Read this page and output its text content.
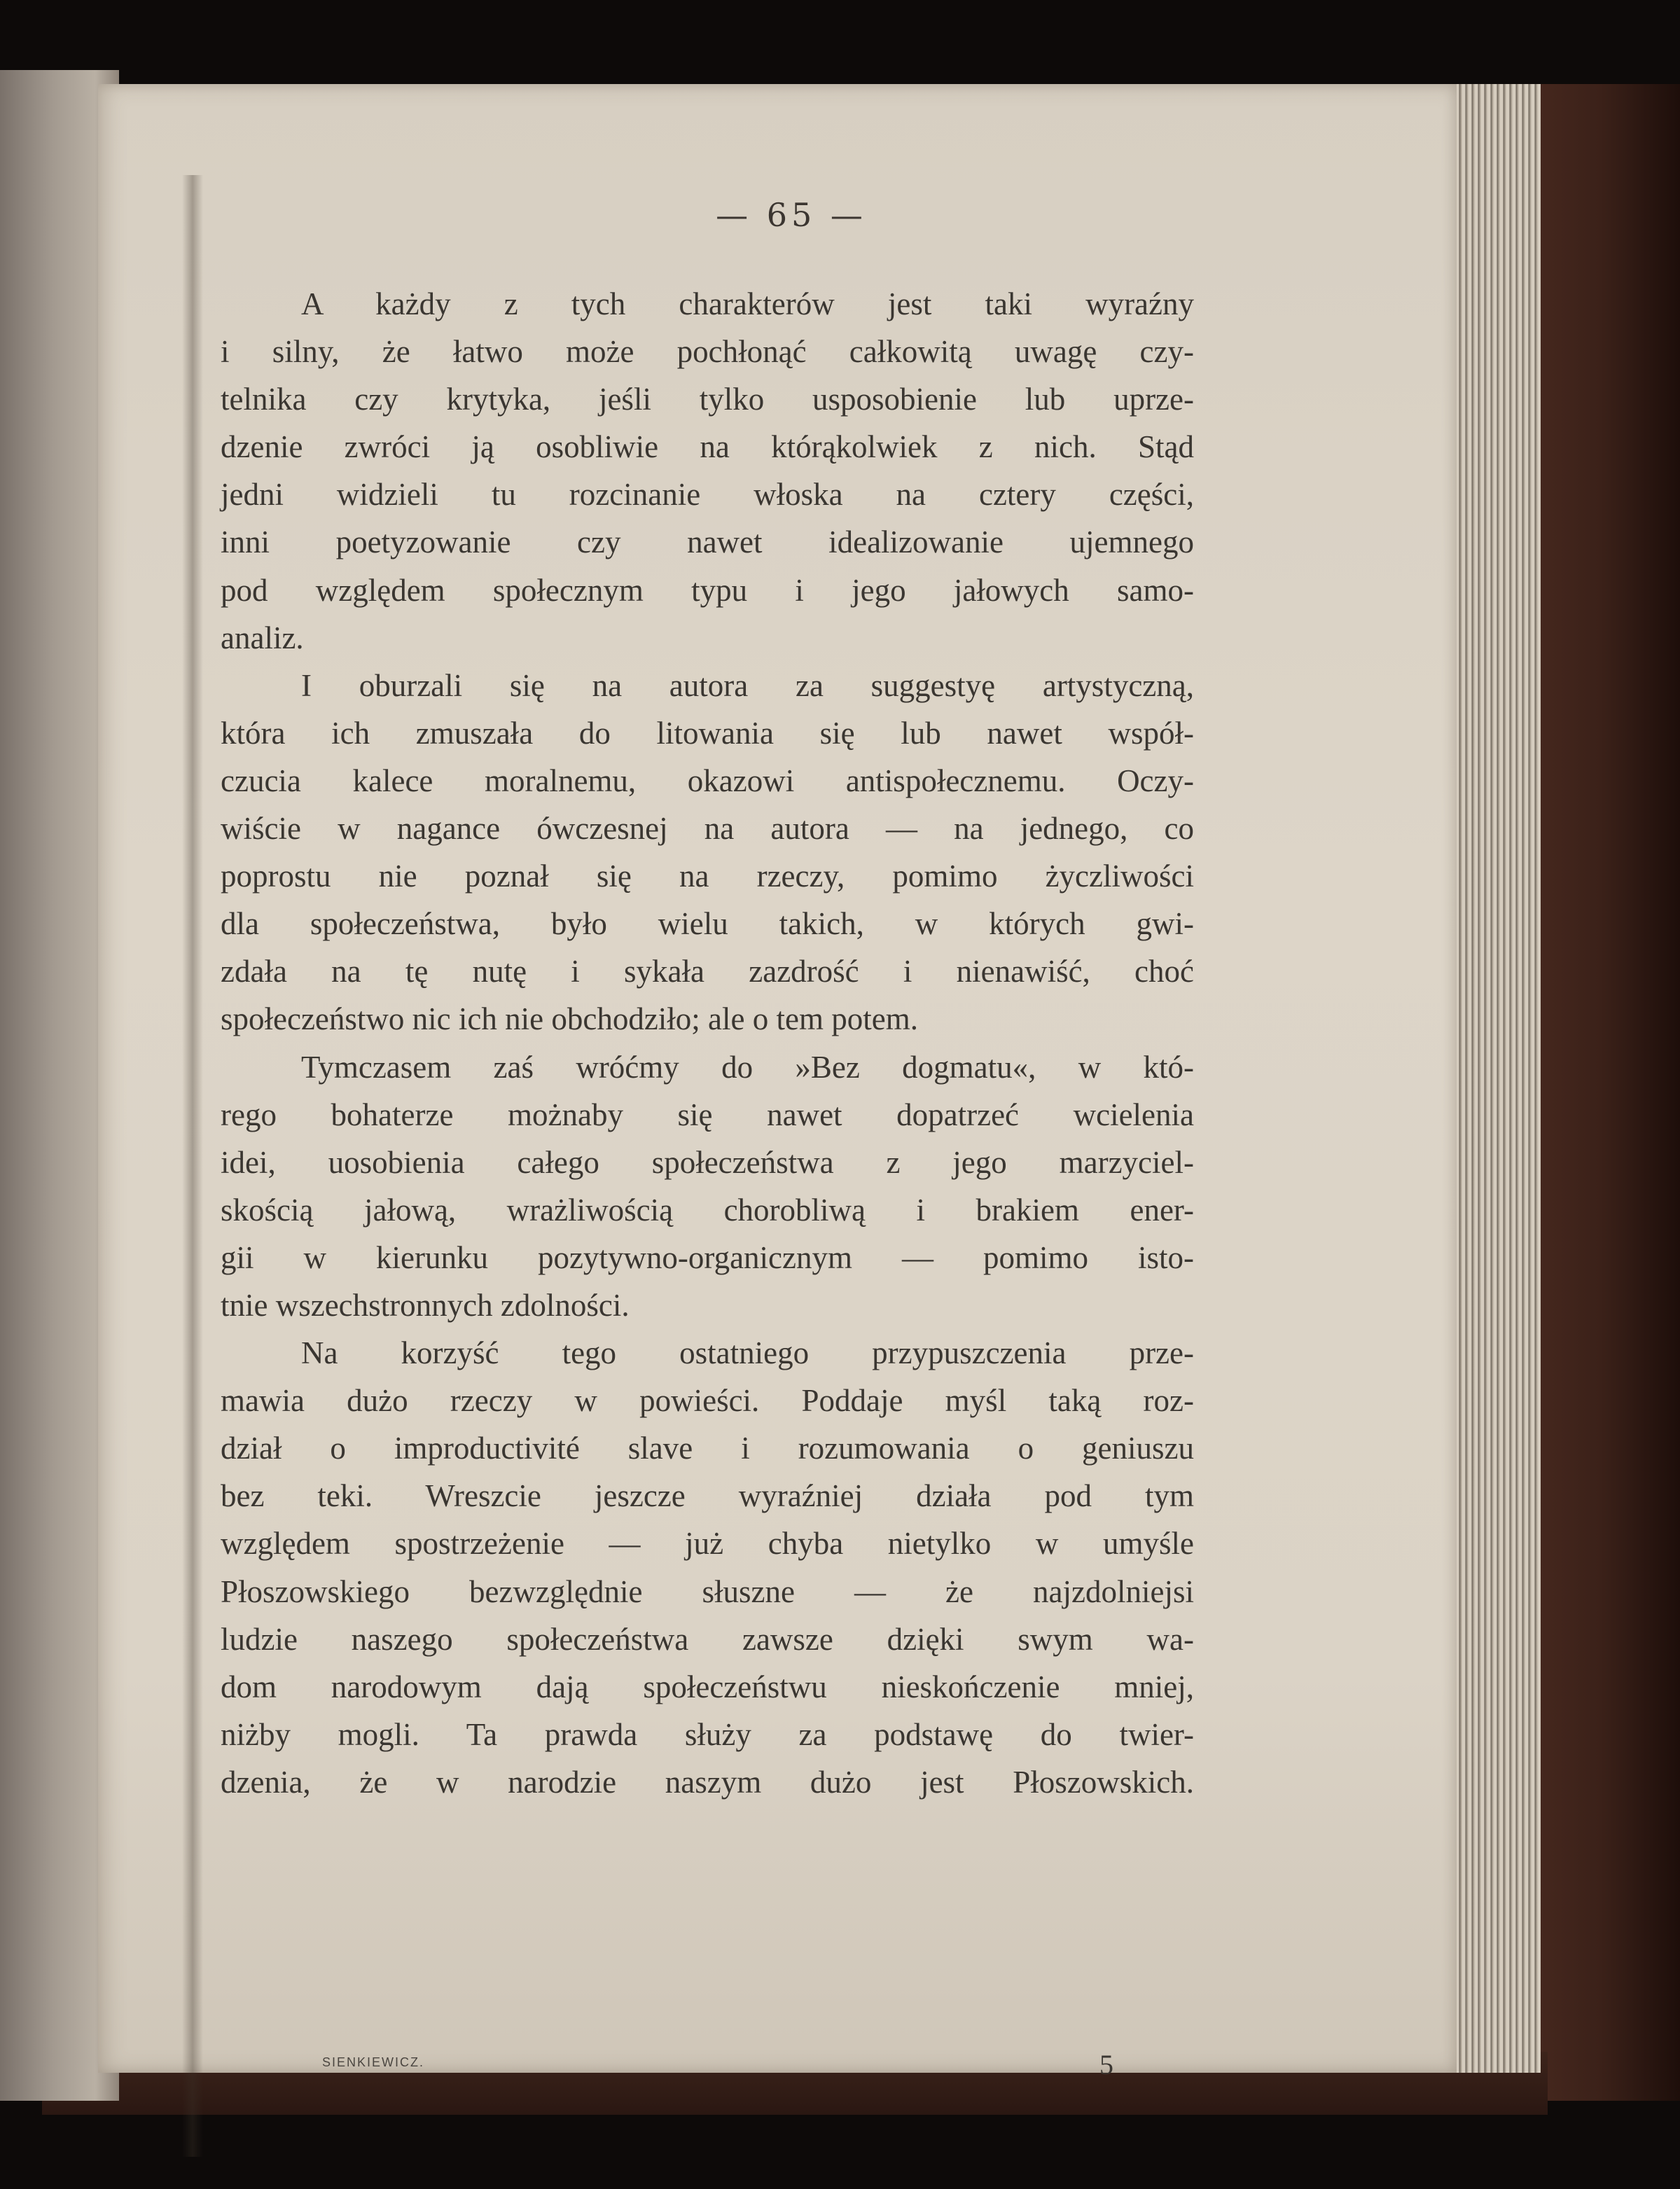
— 65 —
A każdy z tych charakterów jest taki wyraźny
i silny, że łatwo może pochłonąć całkowitą uwagę czy-
telnika czy krytyka, jeśli tylko usposobienie lub uprze-
dzenie zwróci ją osobliwie na którąkolwiek z nich. Stąd
jedni widzieli tu rozcinanie włoska na cztery części,
inni poetyzowanie czy nawet idealizowanie ujemnego
pod względem społecznym typu i jego jałowych samo-
analiz.
I oburzali się na autora za suggestyę artystyczną,
która ich zmuszała do litowania się lub nawet współ-
czucia kalece moralnemu, okazowi antispołecznemu. Oczy-
wiście w nagance ówczesnej na autora — na jednego, co
poprostu nie poznał się na rzeczy, pomimo życzliwości
dla społeczeństwa, było wielu takich, w których gwi-
zdała na tę nutę i sykała zazdrość i nienawiść, choć
społeczeństwo nic ich nie obchodziło; ale o tem potem.
Tymczasem zaś wróćmy do »Bez dogmatu«, w któ-
rego bohaterze możnaby się nawet dopatrzeć wcielenia
idei, uosobienia całego społeczeństwa z jego marzyciel-
skością jałową, wrażliwością chorobliwą i brakiem ener-
gii w kierunku pozytywno-organicznym — pomimo isto-
tnie wszechstronnych zdolności.
Na korzyść tego ostatniego przypuszczenia prze-
mawia dużo rzeczy w powieści. Poddaje myśl taką roz-
dział o improductivité slave i rozumowania o geniuszu
bez teki. Wreszcie jeszcze wyraźniej działa pod tym
względem spostrzeżenie — już chyba nietylko w umyśle
Płoszowskiego bezwzględnie słuszne — że najzdolniejsi
ludzie naszego społeczeństwa zawsze dzięki swym wa-
dom narodowym dają społeczeństwu nieskończenie mniej,
niżby mogli. Ta prawda służy za podstawę do twier-
dzenia, że w narodzie naszym dużo jest Płoszowskich.
SIENKIEWICZ.	5
